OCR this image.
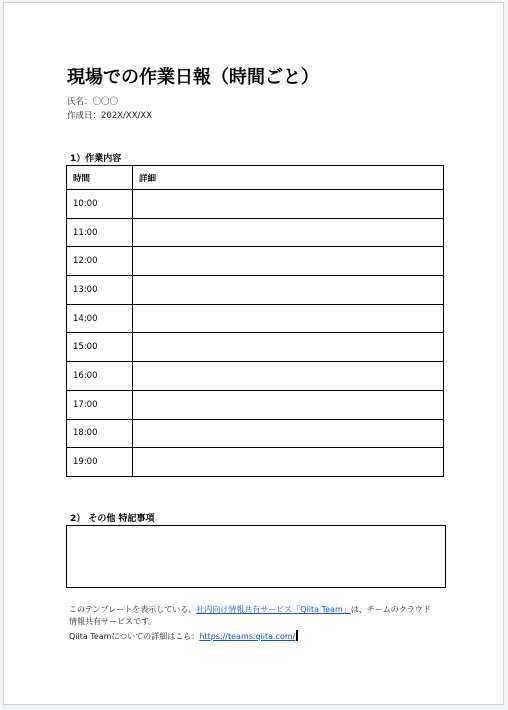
現場での作業日報（時間ごと）
氏名：〇〇〇
作成日：202X/XX/XX
1）作業内容
時間	詳細
10:00	
11:00	
12:00	
13:00	
14:00	
15:00	
16:00	
17:00	
18:00	
19:00	
2） その他 特記事項
このテンプレートを表示している、社内向け情報共有サービス「Qiita Team」は、チームのクラウド
情報共有サービスです。
Qiita Teamについての詳細はこら：https://teams.qiita.com/
